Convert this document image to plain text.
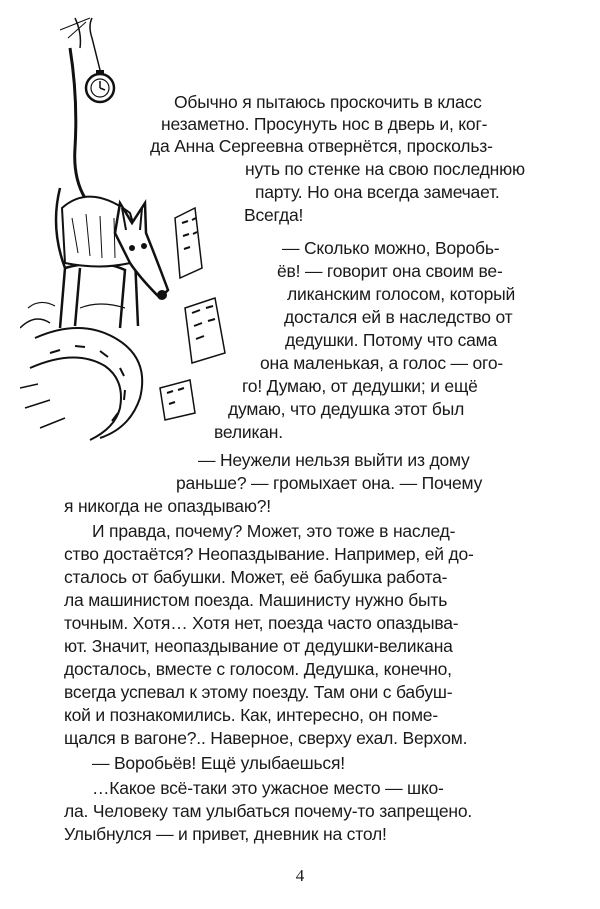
Обычно я пытаюсь проскочить в класс
незаметно. Просунуть нос в дверь и, ког-
да Анна Сергеевна отвернётся, проскольз-
нуть по стенке на свою последнюю
парту. Но она всегда замечает.
Всегда!
— Сколько можно, Воробь-
ёв! — говорит она своим ве-
ликанским голосом, который
достался ей в наследство от
дедушки. Потому что сама
она маленькая, а голос — ого-
го! Думаю, от дедушки; и ещё
думаю, что дедушка этот был
великан.
— Неужели нельзя выйти из дому
раньше? — громыхает она. — Почему
я никогда не опаздываю?!
И правда, почему? Может, это тоже в наслед-
ство достаётся? Неопаздывание. Например, ей до-
сталось от бабушки. Может, её бабушка работа-
ла машинистом поезда. Машинисту нужно быть
точным. Хотя… Хотя нет, поезда часто опаздыва-
ют. Значит, неопаздывание от дедушки-великана
досталось, вместе с голосом. Дедушка, конечно,
всегда успевал к этому поезду. Там они с бабуш-
кой и познакомились. Как, интересно, он поме-
щался в вагоне?.. Наверное, сверху ехал. Верхом.
— Воробьёв! Ещё улыбаешься!
…Какое всё-таки это ужасное место — шко-
ла. Человеку там улыбаться почему-то запрещено.
Улыбнулся — и привет, дневник на стол!
4
